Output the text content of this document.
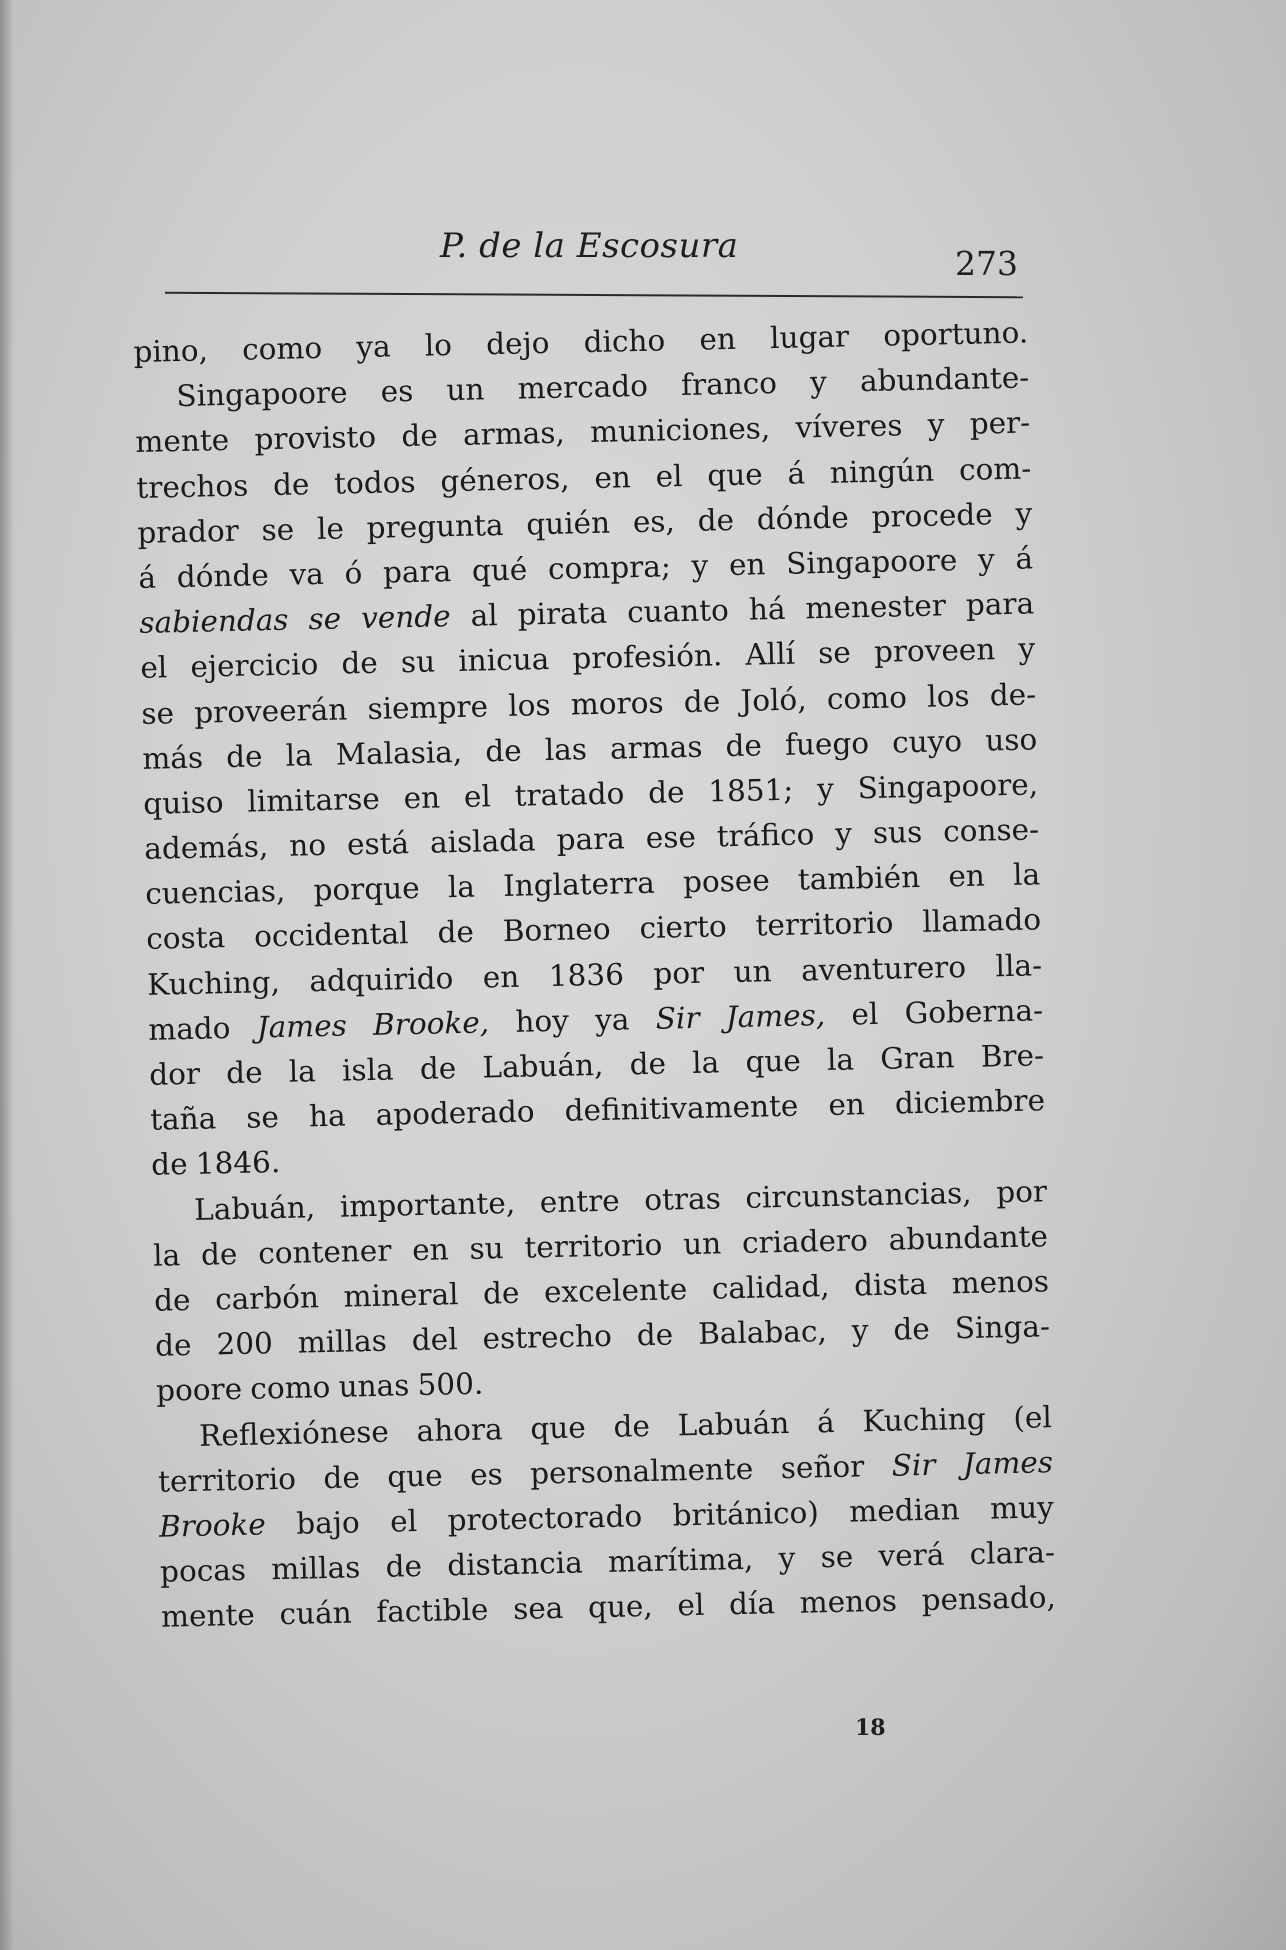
P. de la Escosura	273
pino, como ya lo dejo dicho en lugar oportuno.
Singapoore es un mercado franco y abundante-
mente provisto de armas, municiones, víveres y per-
trechos de todos géneros, en el que á ningún com-
prador se le pregunta quién es, de dónde procede y
á dónde va ó para qué compra; y en Singapoore y á
sabiendas se vende al pirata cuanto há menester para
el ejercicio de su inicua profesión. Allí se proveen y
se proveerán siempre los moros de Joló, como los de-
más de la Malasia, de las armas de fuego cuyo uso
quiso limitarse en el tratado de 1851; y Singapoore,
además, no está aislada para ese tráfico y sus conse-
cuencias, porque la Inglaterra posee también en la
costa occidental de Borneo cierto territorio llamado
Kuching, adquirido en 1836 por un aventurero lla-
mado James Brooke, hoy ya Sir James, el Goberna-
dor de la isla de Labuán, de la que la Gran Bre-
taña se ha apoderado definitivamente en diciembre
de 1846.
Labuán, importante, entre otras circunstancias, por
la de contener en su territorio un criadero abundante
de carbón mineral de excelente calidad, dista menos
de 200 millas del estrecho de Balabac, y de Singa-
poore como unas 500.
Reflexiónese ahora que de Labuán á Kuching (el
territorio de que es personalmente señor Sir James
Brooke bajo el protectorado británico) median muy
pocas millas de distancia marítima, y se verá clara-
mente cuán factible sea que, el día menos pensado,
18
